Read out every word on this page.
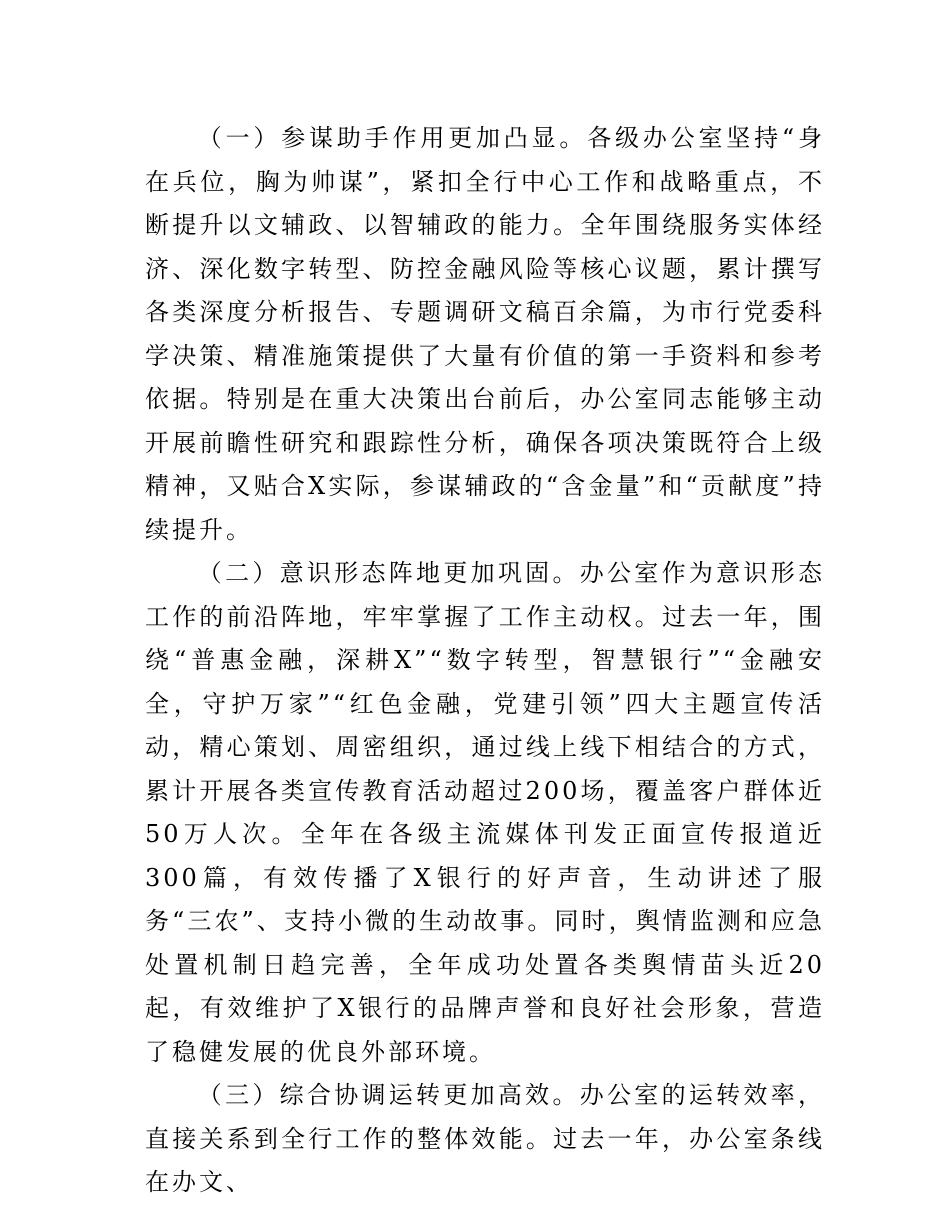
（一）参谋助手作用更加凸显。各级办公室坚持“身在兵位，胸为帅谋”，紧扣全行中心工作和战略重点，不断提升以文辅政、以智辅政的能力。全年围绕服务实体经济、深化数字转型、防控金融风险等核心议题，累计撰写各类深度分析报告、专题调研文稿百余篇，为市行党委科学决策、精准施策提供了大量有价值的第一手资料和参考依据。特别是在重大决策出台前后，办公室同志能够主动开展前瞻性研究和跟踪性分析，确保各项决策既符合上级精神，又贴合X实际，参谋辅政的“含金量”和“贡献度”持续提升。

（二）意识形态阵地更加巩固。办公室作为意识形态工作的前沿阵地，牢牢掌握了工作主动权。过去一年，围绕“普惠金融，深耕X”“数字转型，智慧银行”“金融安全，守护万家”“红色金融，党建引领”四大主题宣传活动，精心策划、周密组织，通过线上线下相结合的方式，累计开展各类宣传教育活动超过200场，覆盖客户群体近50万人次。全年在各级主流媒体刊发正面宣传报道近300篇，有效传播了X银行的好声音，生动讲述了服务“三农”、支持小微的生动故事。同时，舆情监测和应急处置机制日趋完善，全年成功处置各类舆情苗头近20起，有效维护了X银行的品牌声誉和良好社会形象，营造了稳健发展的优良外部环境。

（三）综合协调运转更加高效。办公室的运转效率，直接关系到全行工作的整体效能。过去一年，办公室条线在办文、
